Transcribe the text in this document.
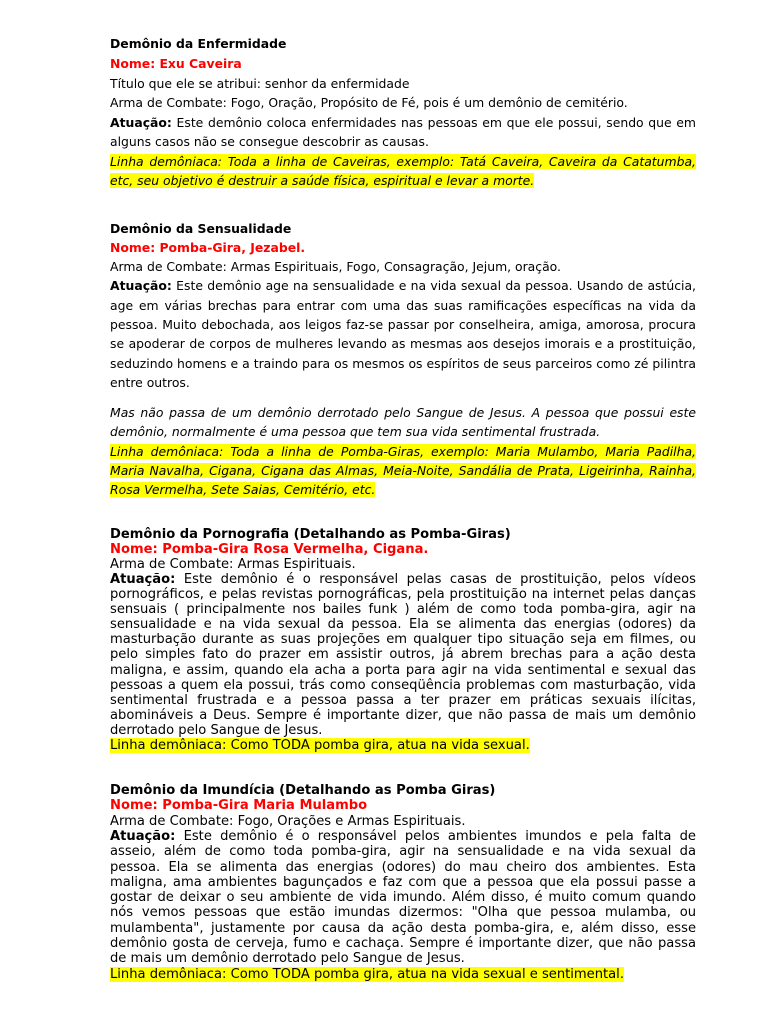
Demônio da Enfermidade

Nome: Exu Caveira

Título que ele se atribui: senhor da enfermidade

Arma de Combate: Fogo, Oração, Propósito de Fé, pois é um demônio de cemitério.

Atuação: Este demônio coloca enfermidades nas pessoas em que ele possui, sendo que em alguns casos não se consegue descobrir as causas.

Linha demôniaca: Toda a linha de Caveiras, exemplo: Tatá Caveira, Caveira da Catatumba, etc, seu objetivo é destruir a saúde física, espiritual e levar a morte.

Demônio da Sensualidade

Nome: Pomba-Gira, Jezabel.

Arma de Combate: Armas Espirituais, Fogo, Consagração, Jejum, oração.

Atuação: Este demônio age na sensualidade e na vida sexual da pessoa. Usando de astúcia, age em várias brechas para entrar com uma das suas ramificações específicas na vida da pessoa. Muito debochada, aos leigos faz-se passar por conselheira, amiga, amorosa, procura se apoderar de corpos de mulheres levando as mesmas aos desejos imorais e a prostituição, seduzindo homens e a traindo para os mesmos os espíritos de seus parceiros como zé pilintra entre outros.

Mas não passa de um demônio derrotado pelo Sangue de Jesus. A pessoa que possui este demônio, normalmente é uma pessoa que tem sua vida sentimental frustrada.

Linha demôniaca: Toda a linha de Pomba-Giras, exemplo: Maria Mulambo, Maria Padilha, Maria Navalha, Cigana, Cigana das Almas, Meia-Noite, Sandália de Prata, Ligeirinha, Rainha, Rosa Vermelha, Sete Saias, Cemitério, etc.

Demônio da Pornografia (Detalhando as Pomba-Giras)

Nome: Pomba-Gira Rosa Vermelha, Cigana.

Arma de Combate: Armas Espirituais.

Atuação: Este demônio é o responsável pelas casas de prostituição, pelos vídeos pornográficos, e pelas revistas pornográficas, pela prostituição na internet pelas danças sensuais ( principalmente nos bailes funk ) além de como toda pomba-gira, agir na sensualidade e na vida sexual da pessoa. Ela se alimenta das energias (odores) da masturbação durante as suas projeções em qualquer tipo situação seja em filmes, ou pelo simples fato do prazer em assistir outros, já abrem brechas para a ação desta maligna, e assim, quando ela acha a porta para agir na vida sentimental e sexual das pessoas a quem ela possui, trás como conseqüência problemas com masturbação, vida sentimental frustrada e a pessoa passa a ter prazer em práticas sexuais ilícitas, abomináveis a Deus. Sempre é importante dizer, que não passa de mais um demônio derrotado pelo Sangue de Jesus.

Linha demôniaca: Como TODA pomba gira, atua na vida sexual.

Demônio da Imundícia (Detalhando as Pomba Giras)

Nome: Pomba-Gira Maria Mulambo

Arma de Combate: Fogo, Orações e Armas Espirituais.

Atuação: Este demônio é o responsável pelos ambientes imundos e pela falta de asseio, além de como toda pomba-gira, agir na sensualidade e na vida sexual da pessoa. Ela se alimenta das energias (odores) do mau cheiro dos ambientes. Esta maligna, ama ambientes bagunçados e faz com que a pessoa que ela possui passe a gostar de deixar o seu ambiente de vida imundo. Além disso, é muito comum quando nós vemos pessoas que estão imundas dizermos: "Olha que pessoa mulamba, ou mulambenta", justamente por causa da ação desta pomba-gira, e, além disso, esse demônio gosta de cerveja, fumo e cachaça. Sempre é importante dizer, que não passa de mais um demônio derrotado pelo Sangue de Jesus.

Linha demôniaca: Como TODA pomba gira, atua na vida sexual e sentimental.
